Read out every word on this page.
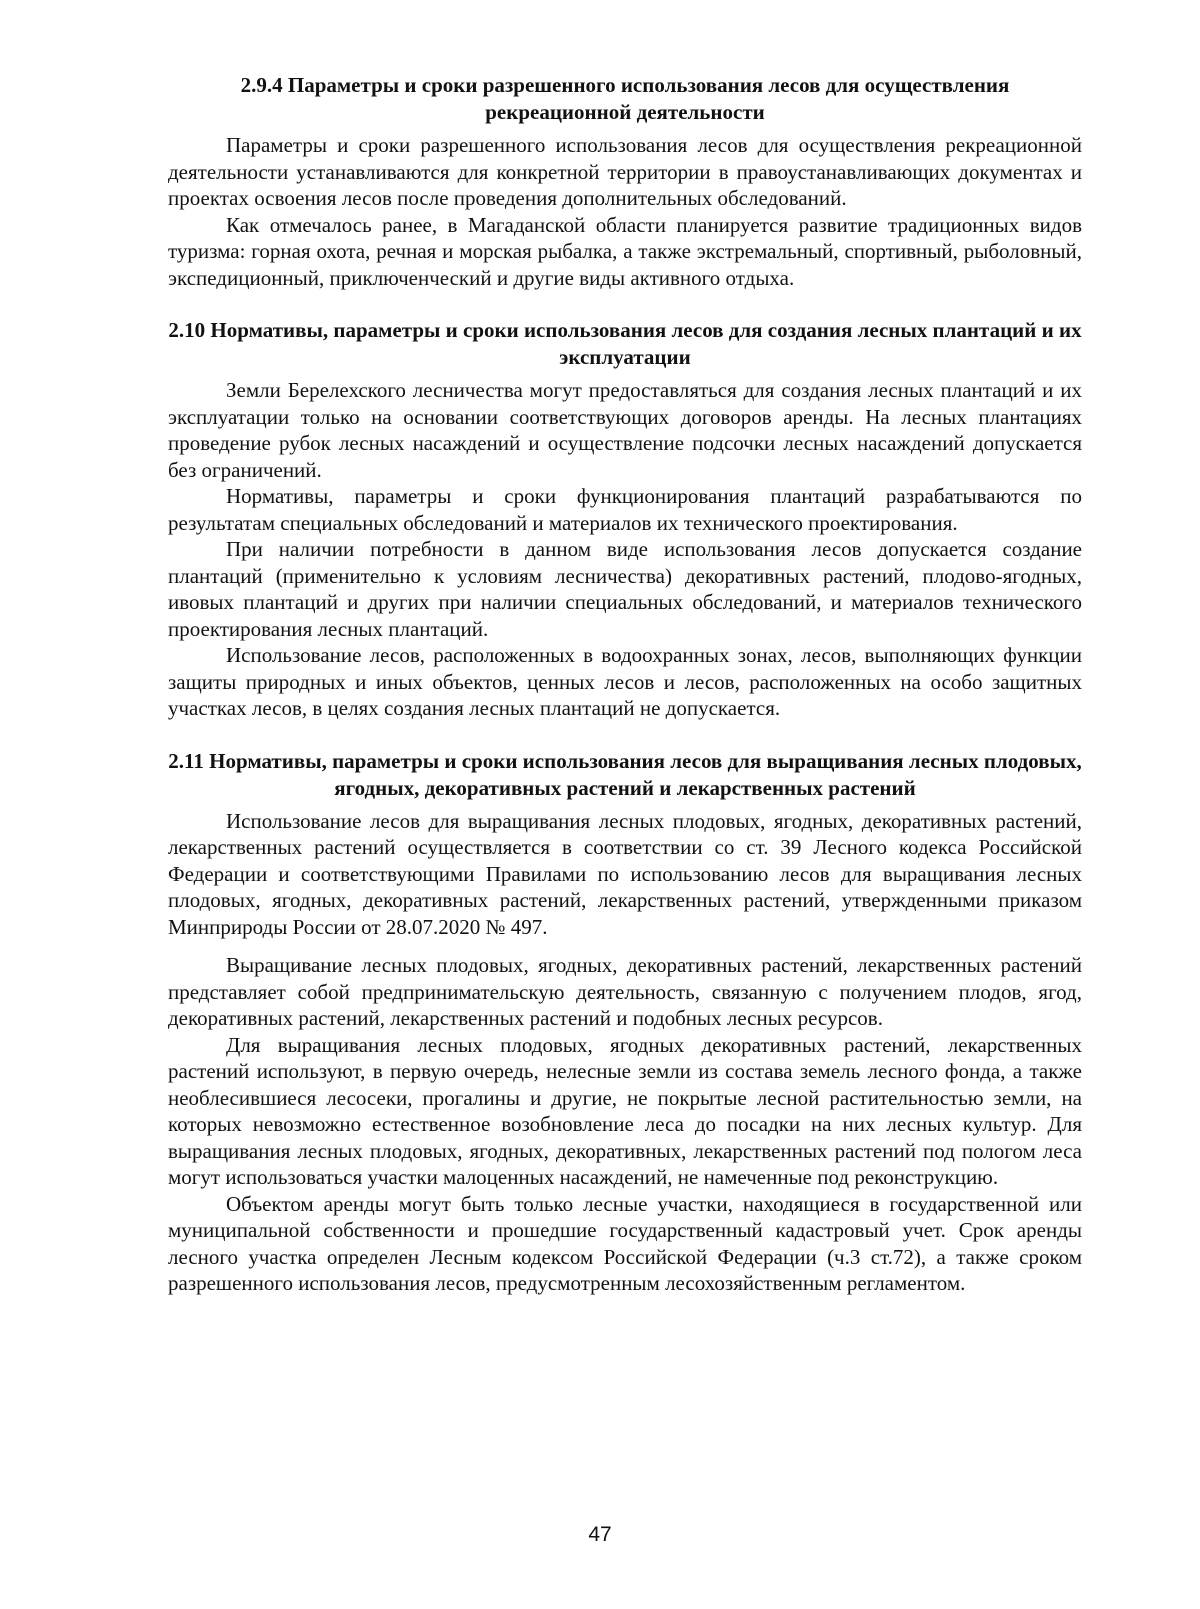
2.9.4 Параметры и сроки разрешенного использования лесов для осуществления рекреационной деятельности

Параметры и сроки разрешенного использования лесов для осуществления рекреационной деятельности устанавливаются для конкретной территории в правоустанавливающих документах и проектах освоения лесов после проведения дополнительных обследований.

Как отмечалось ранее, в Магаданской области планируется развитие традиционных видов туризма: горная охота, речная и морская рыбалка, а также экстремальный, спортивный, рыболовный, экспедиционный, приключенческий и другие виды активного отдыха.

2.10 Нормативы, параметры и сроки использования лесов для создания лесных плантаций и их эксплуатации

Земли Берелехского лесничества могут предоставляться для создания лесных плантаций и их эксплуатации только на основании соответствующих договоров аренды. На лесных плантациях проведение рубок лесных насаждений и осуществление подсочки лесных насаждений допускается без ограничений.

Нормативы, параметры и сроки функционирования плантаций разрабатываются по результатам специальных обследований и материалов их технического проектирования.

При наличии потребности в данном виде использования лесов допускается создание плантаций (применительно к условиям лесничества) декоративных растений, плодово-ягодных, ивовых плантаций и других при наличии специальных обследований, и материалов технического проектирования лесных плантаций.

Использование лесов, расположенных в водоохранных зонах, лесов, выполняющих функции защиты природных и иных объектов, ценных лесов и лесов, расположенных на особо защитных участках лесов, в целях создания лесных плантаций не допускается.

2.11 Нормативы, параметры и сроки использования лесов для выращивания лесных плодовых, ягодных, декоративных растений и лекарственных растений

Использование лесов для выращивания лесных плодовых, ягодных, декоративных растений, лекарственных растений осуществляется в соответствии со ст. 39 Лесного кодекса Российской Федерации и соответствующими Правилами по использованию лесов для выращивания лесных плодовых, ягодных, декоративных растений, лекарственных растений, утвержденными приказом Минприроды России от 28.07.2020 № 497.

Выращивание лесных плодовых, ягодных, декоративных растений, лекарственных растений представляет собой предпринимательскую деятельность, связанную с получением плодов, ягод, декоративных растений, лекарственных растений и подобных лесных ресурсов.

Для выращивания лесных плодовых, ягодных декоративных растений, лекарственных растений используют, в первую очередь, нелесные земли из состава земель лесного фонда, а также необлесившиеся лесосеки, прогалины и другие, не покрытые лесной растительностью земли, на которых невозможно естественное возобновление леса до посадки на них лесных культур. Для выращивания лесных плодовых, ягодных, декоративных, лекарственных растений под пологом леса могут использоваться участки малоценных насаждений, не намеченные под реконструкцию.

Объектом аренды могут быть только лесные участки, находящиеся в государственной или муниципальной собственности и прошедшие государственный кадастровый учет. Срок аренды лесного участка определен Лесным кодексом Российской Федерации (ч.3 ст.72), а также сроком разрешенного использования лесов, предусмотренным лесохозяйственным регламентом.

47
